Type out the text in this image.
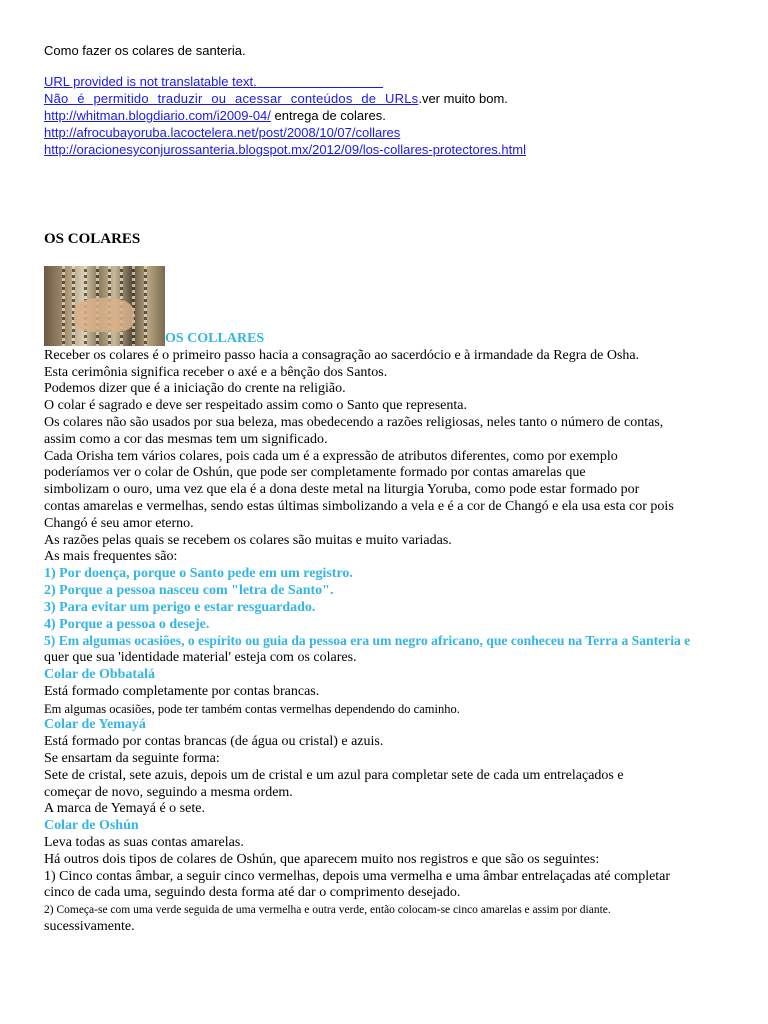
Como fazer os colares de santeria.
URL provided is not translatable text.
Não é permitido traduzir ou acessar conteúdos de URLs.ver muito bom.
http://whitman.blogdiario.com/i2009-04/ entrega de colares.
http://afrocubayoruba.lacoctelera.net/post/2008/10/07/collares
http://oracionesyconjurossanteria.blogspot.mx/2012/09/los-collares-protectores.html
OS COLARES
OS COLLARES
Receber os colares é o primeiro passo hacia a consagração ao sacerdócio e à irmandade da Regra de Osha.
Esta cerimônia significa receber o axé e a bênção dos Santos.
Podemos dizer que é a iniciação do crente na religião.
O colar é sagrado e deve ser respeitado assim como o Santo que representa.
Os colares não são usados por sua beleza, mas obedecendo a razões religiosas, neles tanto o número de contas,
assim como a cor das mesmas tem um significado.
Cada Orisha tem vários colares, pois cada um é a expressão de atributos diferentes, como por exemplo
poderíamos ver o colar de Oshún, que pode ser completamente formado por contas amarelas que
simbolizam o ouro, uma vez que ela é a dona deste metal na liturgia Yoruba, como pode estar formado por
contas amarelas e vermelhas, sendo estas últimas simbolizando a vela e é a cor de Changó e ela usa esta cor pois
Changó é seu amor eterno.
As razões pelas quais se recebem os colares são muitas e muito variadas.
As mais frequentes são:
1) Por doença, porque o Santo pede em um registro.
2) Porque a pessoa nasceu com "letra de Santo".
3) Para evitar um perigo e estar resguardado.
4) Porque a pessoa o deseje.
5) Em algumas ocasiões, o espírito ou guia da pessoa era um negro africano, que conheceu na Terra a Santeria e
quer que sua 'identidade material' esteja com os colares.
Colar de Obbatalá
Está formado completamente por contas brancas.
Em algumas ocasiões, pode ter também contas vermelhas dependendo do caminho.
Colar de Yemayá
Está formado por contas brancas (de água ou cristal) e azuis.
Se ensartam da seguinte forma:
Sete de cristal, sete azuis, depois um de cristal e um azul para completar sete de cada um entrelaçados e
começar de novo, seguindo a mesma ordem.
A marca de Yemayá é o sete.
Colar de Oshún
Leva todas as suas contas amarelas.
Há outros dois tipos de colares de Oshún, que aparecem muito nos registros e que são os seguintes:
1) Cinco contas âmbar, a seguir cinco vermelhas, depois uma vermelha e uma âmbar entrelaçadas até completar
cinco de cada uma, seguindo desta forma até dar o comprimento desejado.
2) Começa-se com uma verde seguida de uma vermelha e outra verde, então colocam-se cinco amarelas e assim por diante.
sucessivamente.
